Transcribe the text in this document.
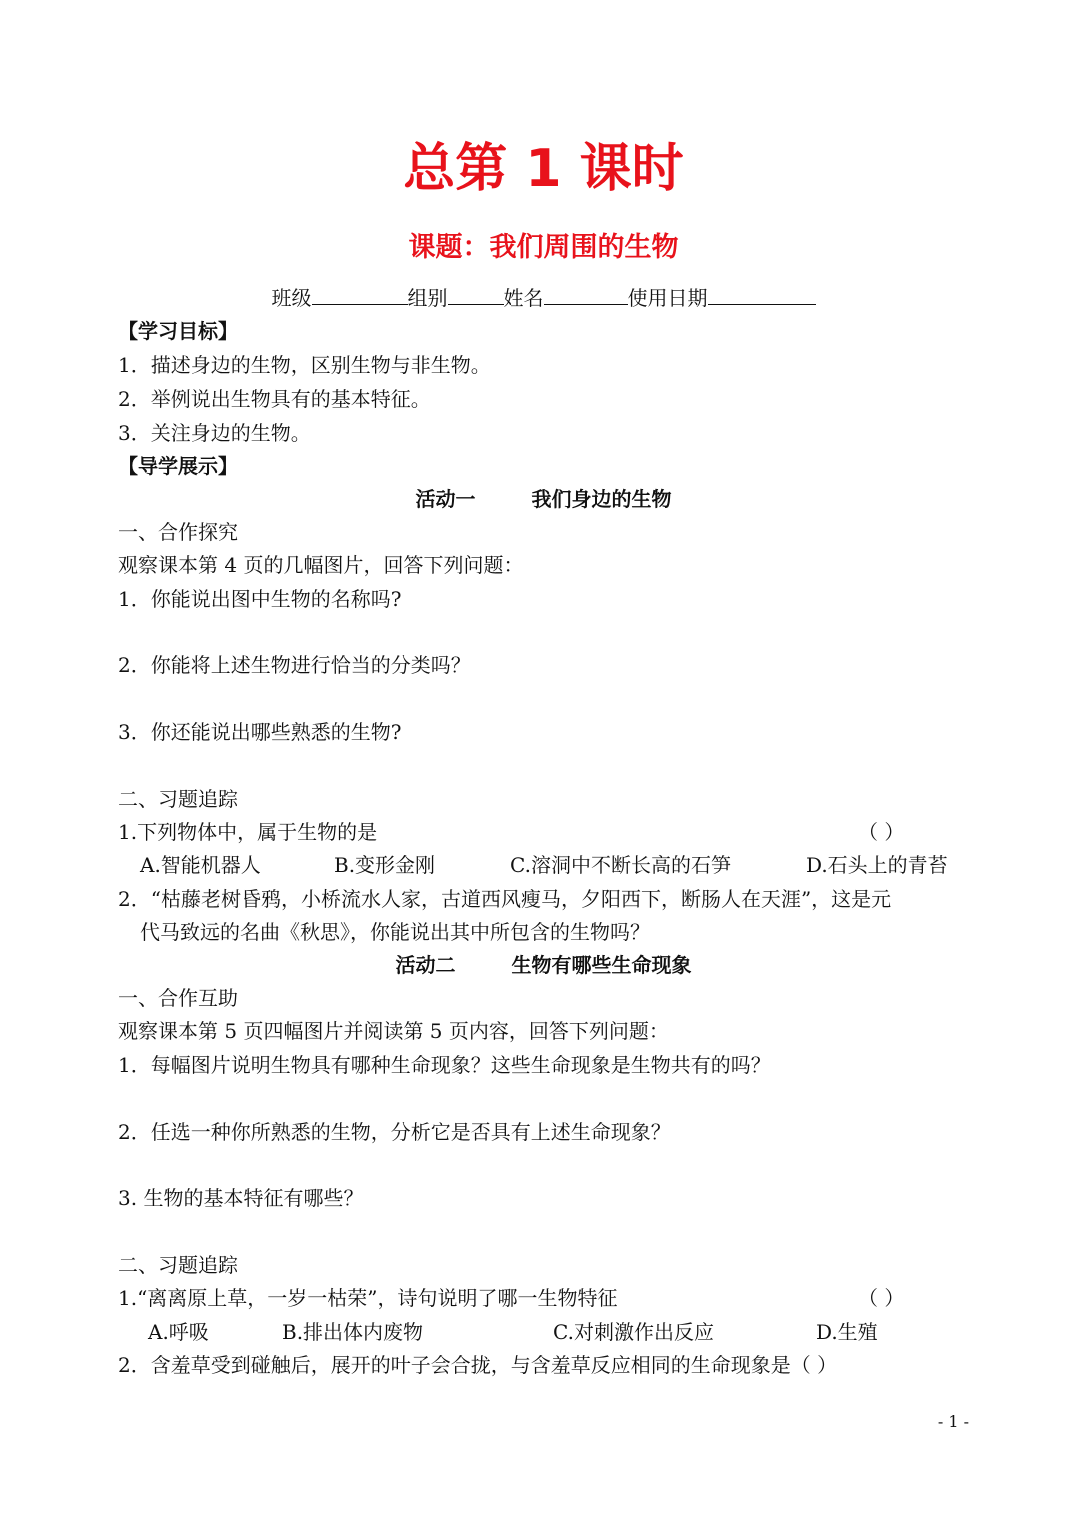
总第 1 课时
课题：我们周围的生物
班级	组别	姓名	使用日期
【学习目标】
1．描述身边的生物，区别生物与非生物。
2．举例说出生物具有的基本特征。
3．关注身边的生物。
【导学展示】
活动一	我们身边的生物
一、合作探究
观察课本第 4 页的几幅图片，回答下列问题：
1．你能说出图中生物的名称吗?
2．你能将上述生物进行恰当的分类吗？
3．你还能说出哪些熟悉的生物?
二、习题追踪
1.下列物体中，属于生物的是	（ ）
A.智能机器人	B.变形金刚	C.溶洞中不断长高的石笋	D.石头上的青苔
2．“枯藤老树昏鸦，小桥流水人家，古道西风瘦马，夕阳西下，断肠人在天涯”，这是元
代马致远的名曲《秋思》，你能说出其中所包含的生物吗？
活动二	生物有哪些生命现象
一、合作互助
观察课本第 5 页四幅图片并阅读第 5 页内容，回答下列问题：
1．每幅图片说明生物具有哪种生命现象？这些生命现象是生物共有的吗？
2．任选一种你所熟悉的生物，分析它是否具有上述生命现象？
3. 生物的基本特征有哪些？
二、习题追踪
1.“离离原上草，一岁一枯荣”，诗句说明了哪一生物特征	（ ）
A.呼吸	B.排出体内废物	C.对刺激作出反应	D.生殖
2．含羞草受到碰触后，展开的叶子会合拢，与含羞草反应相同的生命现象是（ ）
- 1 -
